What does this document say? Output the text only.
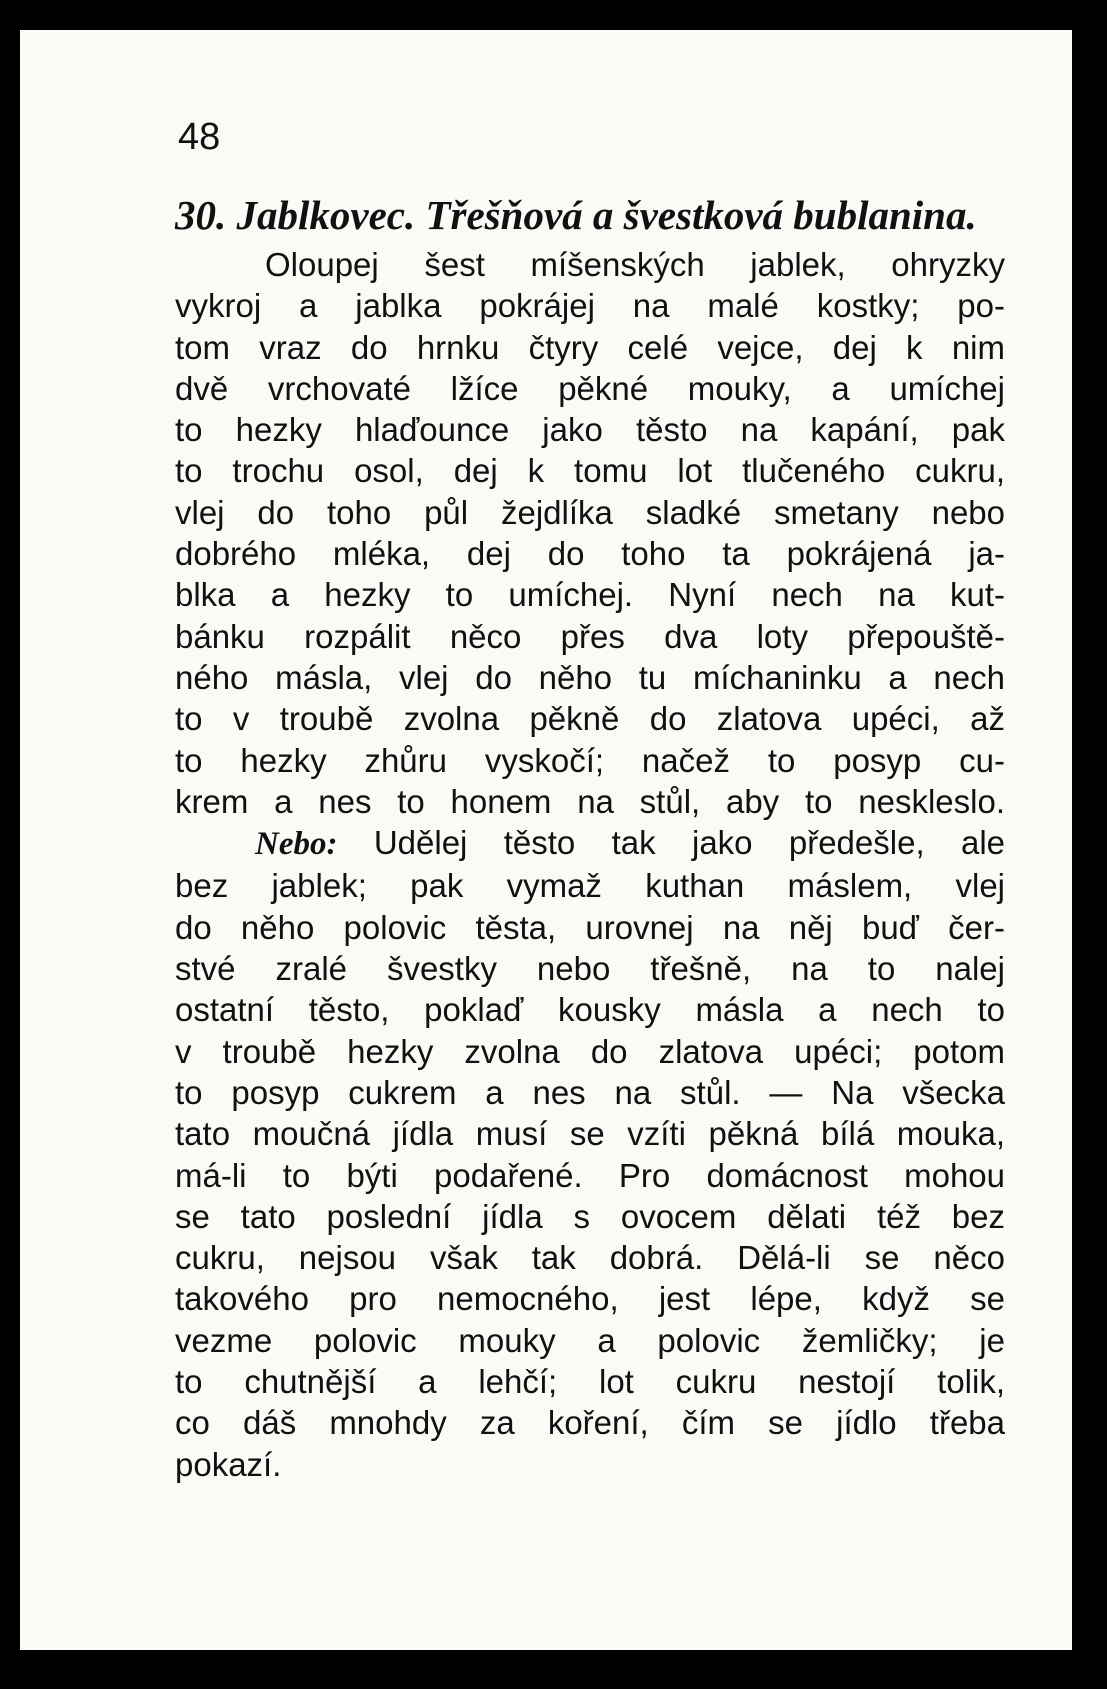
48

30. Jablkovec. Třešňová a švestková bublanina.

Oloupej šest míšenských jablek, ohryzky

vykroj a jablka pokrájej na malé kostky; po-

tom vraz do hrnku čtyry celé vejce, dej k nim

dvě vrchovaté lžíce pěkné mouky, a umíchej

to hezky hlaďounce jako těsto na kapání, pak

to trochu osol, dej k tomu lot tlučeného cukru,

vlej do toho půl žejdlíka sladké smetany nebo

dobrého mléka, dej do toho ta pokrájená ja-

blka a hezky to umíchej. Nyní nech na kut-

bánku rozpálit něco přes dva loty přepouště-

ného másla, vlej do něho tu míchaninku a nech

to v troubě zvolna pěkně do zlatova upéci, až

to hezky zhůru vyskočí; načež to posyp cu-

krem a nes to honem na stůl, aby to neskleslo.

Nebo: Udělej těsto tak jako předešle, ale

bez jablek; pak vymaž kuthan máslem, vlej

do něho polovic těsta, urovnej na něj buď čer-

stvé zralé švestky nebo třešně, na to nalej

ostatní těsto, poklaď kousky másla a nech to

v troubě hezky zvolna do zlatova upéci; potom

to posyp cukrem a nes na stůl. — Na všecka

tato moučná jídla musí se vzíti pěkná bílá mouka,

má-li to býti podařené. Pro domácnost mohou

se tato poslední jídla s ovocem dělati též bez

cukru, nejsou však tak dobrá. Dělá-li se něco

takového pro nemocného, jest lépe, když se

vezme polovic mouky a polovic žemličky; je

to chutnější a lehčí; lot cukru nestojí tolik,

co dáš mnohdy za koření, čím se jídlo třeba

pokazí.
